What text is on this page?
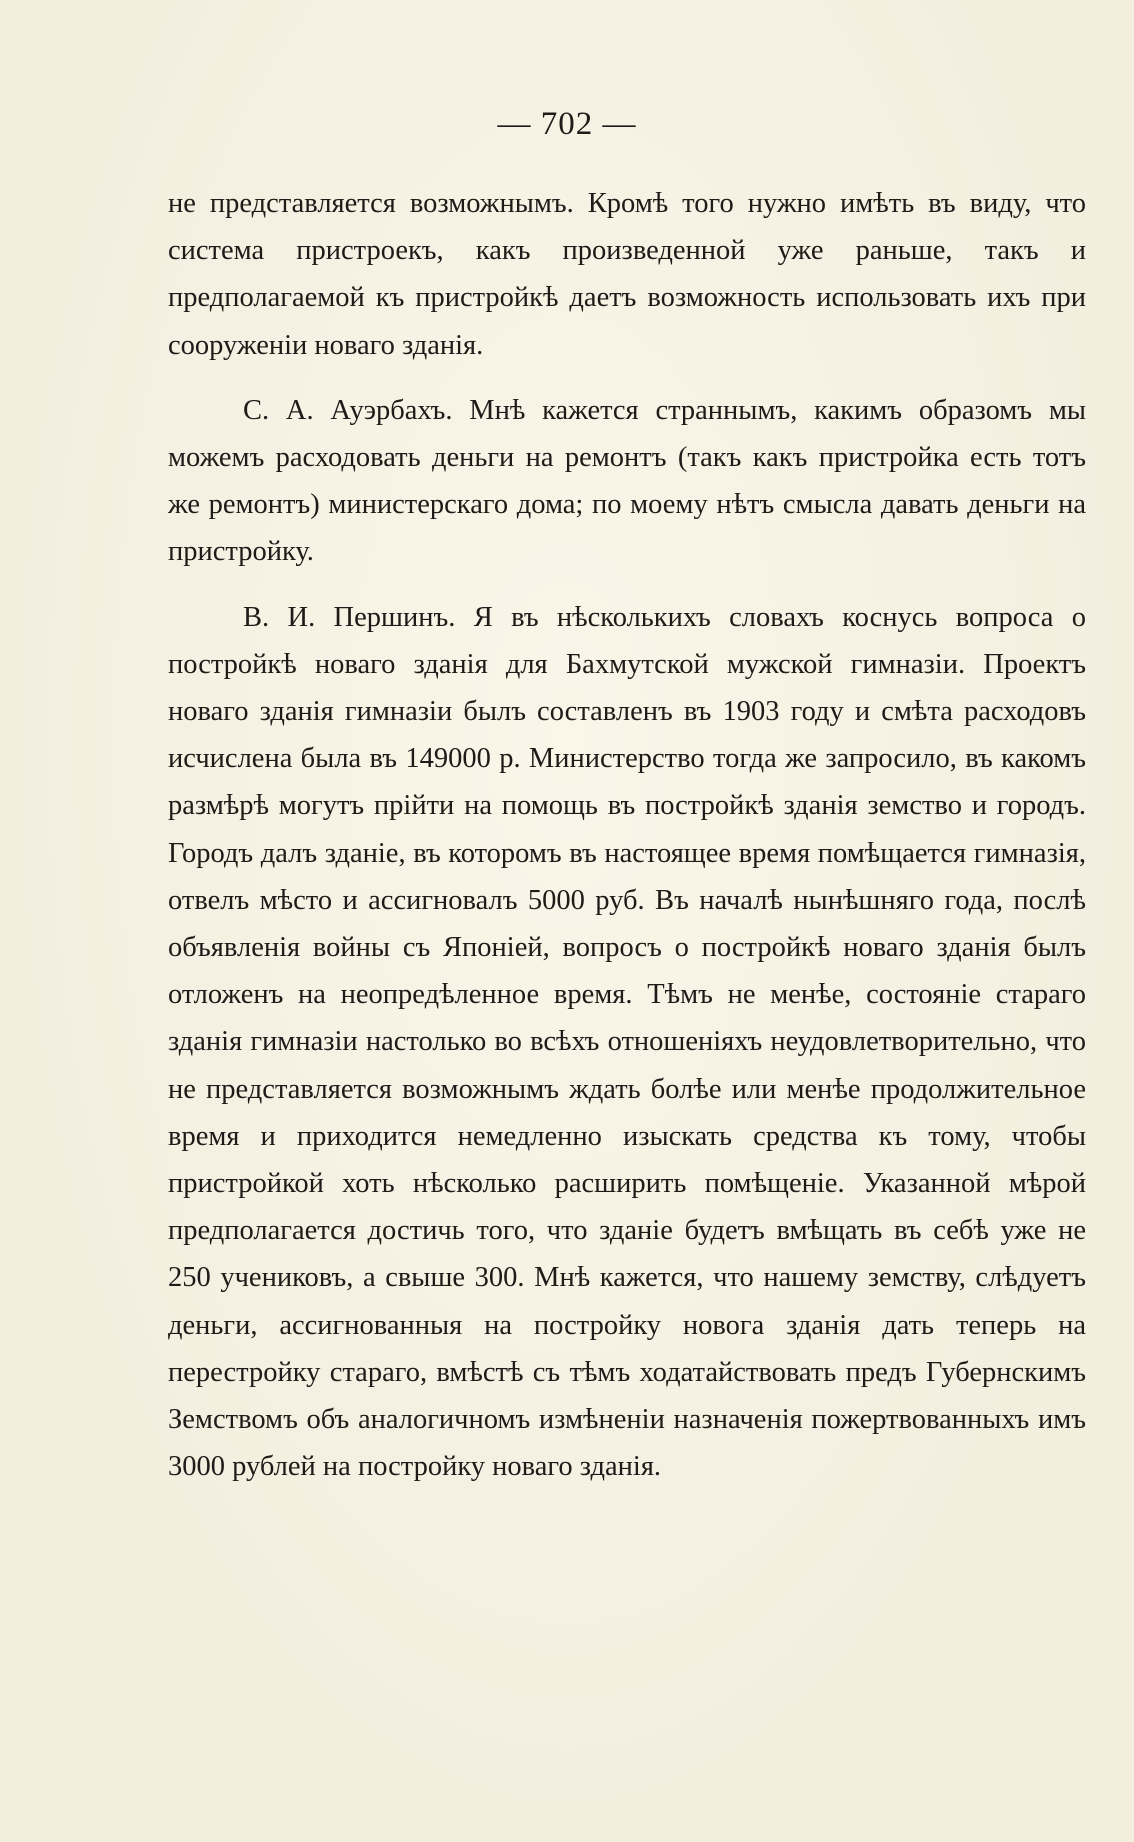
— 702 —

не представляется возможнымъ. Кромѣ того нужно имѣть въ виду, что система пристроекъ, какъ произведенной уже раньше, такъ и предполагаемой къ пристройкѣ даетъ возможность использовать ихъ при сооруженіи новаго зданія.

С. А. Ауэрбахъ. Мнѣ кажется страннымъ, какимъ образомъ мы можемъ расходовать деньги на ремонтъ (такъ какъ пристройка есть тотъ же ремонтъ) министерскаго дома; по моему нѣтъ смысла давать деньги на пристройку.

В. И. Першинъ. Я въ нѣсколькихъ словахъ коснусь вопроса о постройкѣ новаго зданія для Бахмутской мужской гимназіи. Проектъ новаго зданія гимназіи былъ составленъ въ 1903 году и смѣта расходовъ исчислена была въ 149000 р. Министерство тогда же запросило, въ какомъ размѣрѣ могутъ прійти на помощь въ постройкѣ зданія земство и городъ. Городъ далъ зданіе, въ которомъ въ настоящее время помѣщается гимназія, отвелъ мѣсто и ассигновалъ 5000 руб. Въ началѣ нынѣшняго года, послѣ объявленія войны съ Японіей, вопросъ о постройкѣ новаго зданія былъ отложенъ на неопредѣленное время. Тѣмъ не менѣе, состояніе стараго зданія гимназіи настолько во всѣхъ отношеніяхъ неудовлетворительно, что не представляется возможнымъ ждать болѣе или менѣе продолжительное время и приходится немедленно изыскать средства къ тому, чтобы пристройкой хоть нѣсколько расширить помѣщеніе. Указанной мѣрой предполагается достичь того, что зданіе будетъ вмѣщать въ себѣ уже не 250 учениковъ, а свыше 300. Мнѣ кажется, что нашему земству, слѣдуетъ деньги, ассигнованныя на постройку новога зданія дать теперь на перестройку стараго, вмѣстѣ съ тѣмъ ходатайствовать предъ Губернскимъ Земствомъ объ аналогичномъ измѣненіи назначенія пожертвованныхъ имъ 3000 рублей на постройку новаго зданія.
